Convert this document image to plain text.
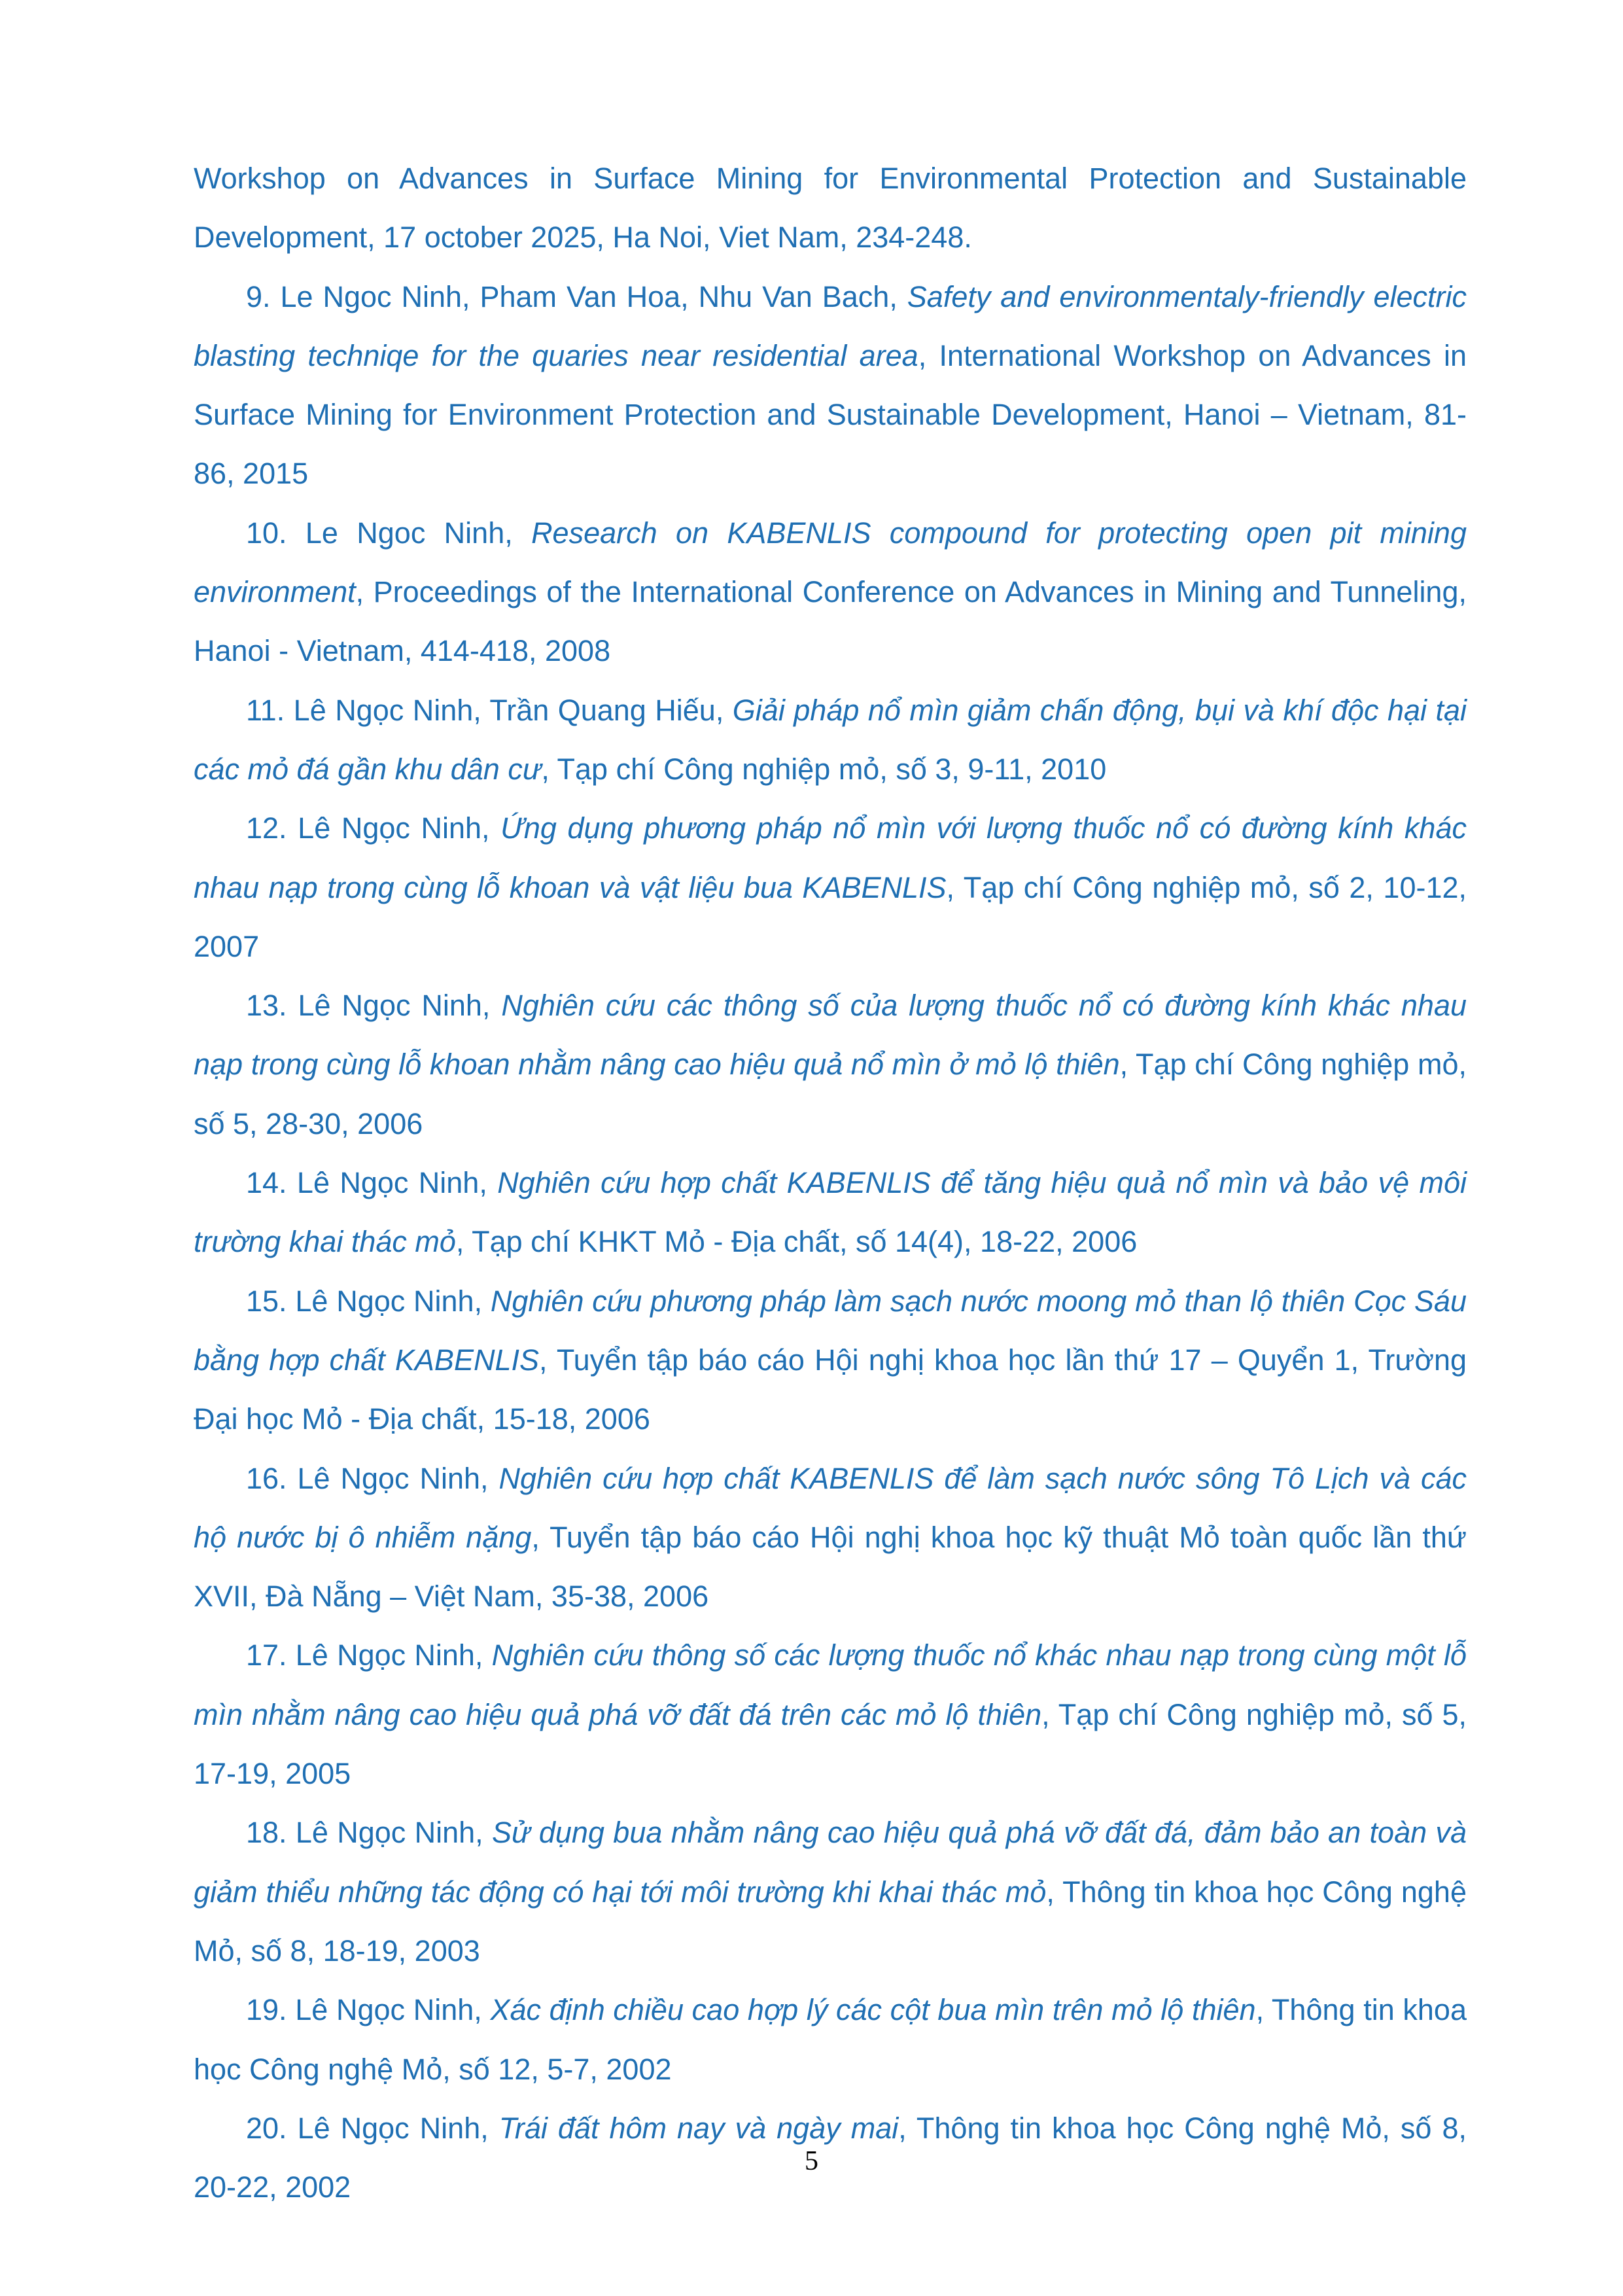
Workshop on Advances in Surface Mining for Environmental Protection and Sustainable Development, 17 october 2025, Ha Noi, Viet Nam, 234-248.

9. Le Ngoc Ninh, Pham Van Hoa, Nhu Van Bach, Safety and environmentaly-friendly electric blasting techniqe for the quaries near residential area, International Workshop on Advances in Surface Mining for Environment Protection and Sustainable Development, Hanoi – Vietnam, 81-86, 2015

10. Le Ngoc Ninh, Research on KABENLIS compound for protecting open pit mining environment, Proceedings of the International Conference on Advances in Mining and Tunneling, Hanoi - Vietnam, 414-418, 2008

11. Lê Ngọc Ninh, Trần Quang Hiếu, Giải pháp nổ mìn giảm chấn động, bụi và khí độc hại tại các mỏ đá gần khu dân cư, Tạp chí Công nghiệp mỏ, số 3, 9-11, 2010

12. Lê Ngọc Ninh, Ứng dụng phương pháp nổ mìn với lượng thuốc nổ có đường kính khác nhau nạp trong cùng lỗ khoan và vật liệu bua KABENLIS, Tạp chí Công nghiệp mỏ, số 2, 10-12, 2007

13. Lê Ngọc Ninh, Nghiên cứu các thông số của lượng thuốc nổ có đường kính khác nhau nạp trong cùng lỗ khoan nhằm nâng cao hiệu quả nổ mìn ở mỏ lộ thiên, Tạp chí Công nghiệp mỏ, số 5, 28-30, 2006

14. Lê Ngọc Ninh, Nghiên cứu hợp chất KABENLIS để tăng hiệu quả nổ mìn và bảo vệ môi trường khai thác mỏ, Tạp chí KHKT Mỏ - Địa chất, số 14(4), 18-22, 2006

15. Lê Ngọc Ninh, Nghiên cứu phương pháp làm sạch nước moong mỏ than lộ thiên Cọc Sáu bằng hợp chất KABENLIS, Tuyển tập báo cáo Hội nghị khoa học lần thứ 17 – Quyển 1, Trường Đại học Mỏ - Địa chất, 15-18, 2006

16. Lê Ngọc Ninh, Nghiên cứu hợp chất KABENLIS để làm sạch nước sông Tô Lịch và các hộ nước bị ô nhiễm nặng, Tuyển tập báo cáo Hội nghị khoa học kỹ thuật Mỏ toàn quốc lần thứ XVII, Đà Nẵng – Việt Nam, 35-38, 2006

17. Lê Ngọc Ninh, Nghiên cứu thông số các lượng thuốc nổ khác nhau nạp trong cùng một lỗ mìn nhằm nâng cao hiệu quả phá vỡ đất đá trên các mỏ lộ thiên, Tạp chí Công nghiệp mỏ, số 5, 17-19, 2005

18. Lê Ngọc Ninh, Sử dụng bua nhằm nâng cao hiệu quả phá vỡ đất đá, đảm bảo an toàn và giảm thiểu những tác động có hại tới môi trường khi khai thác mỏ, Thông tin khoa học Công nghệ Mỏ, số 8, 18-19, 2003

19. Lê Ngọc Ninh, Xác định chiều cao hợp lý các cột bua mìn trên mỏ lộ thiên, Thông tin khoa học Công nghệ Mỏ, số 12, 5-7, 2002

20. Lê Ngọc Ninh, Trái đất hôm nay và ngày mai, Thông tin khoa học Công nghệ Mỏ, số 8, 20-22, 2002

5
